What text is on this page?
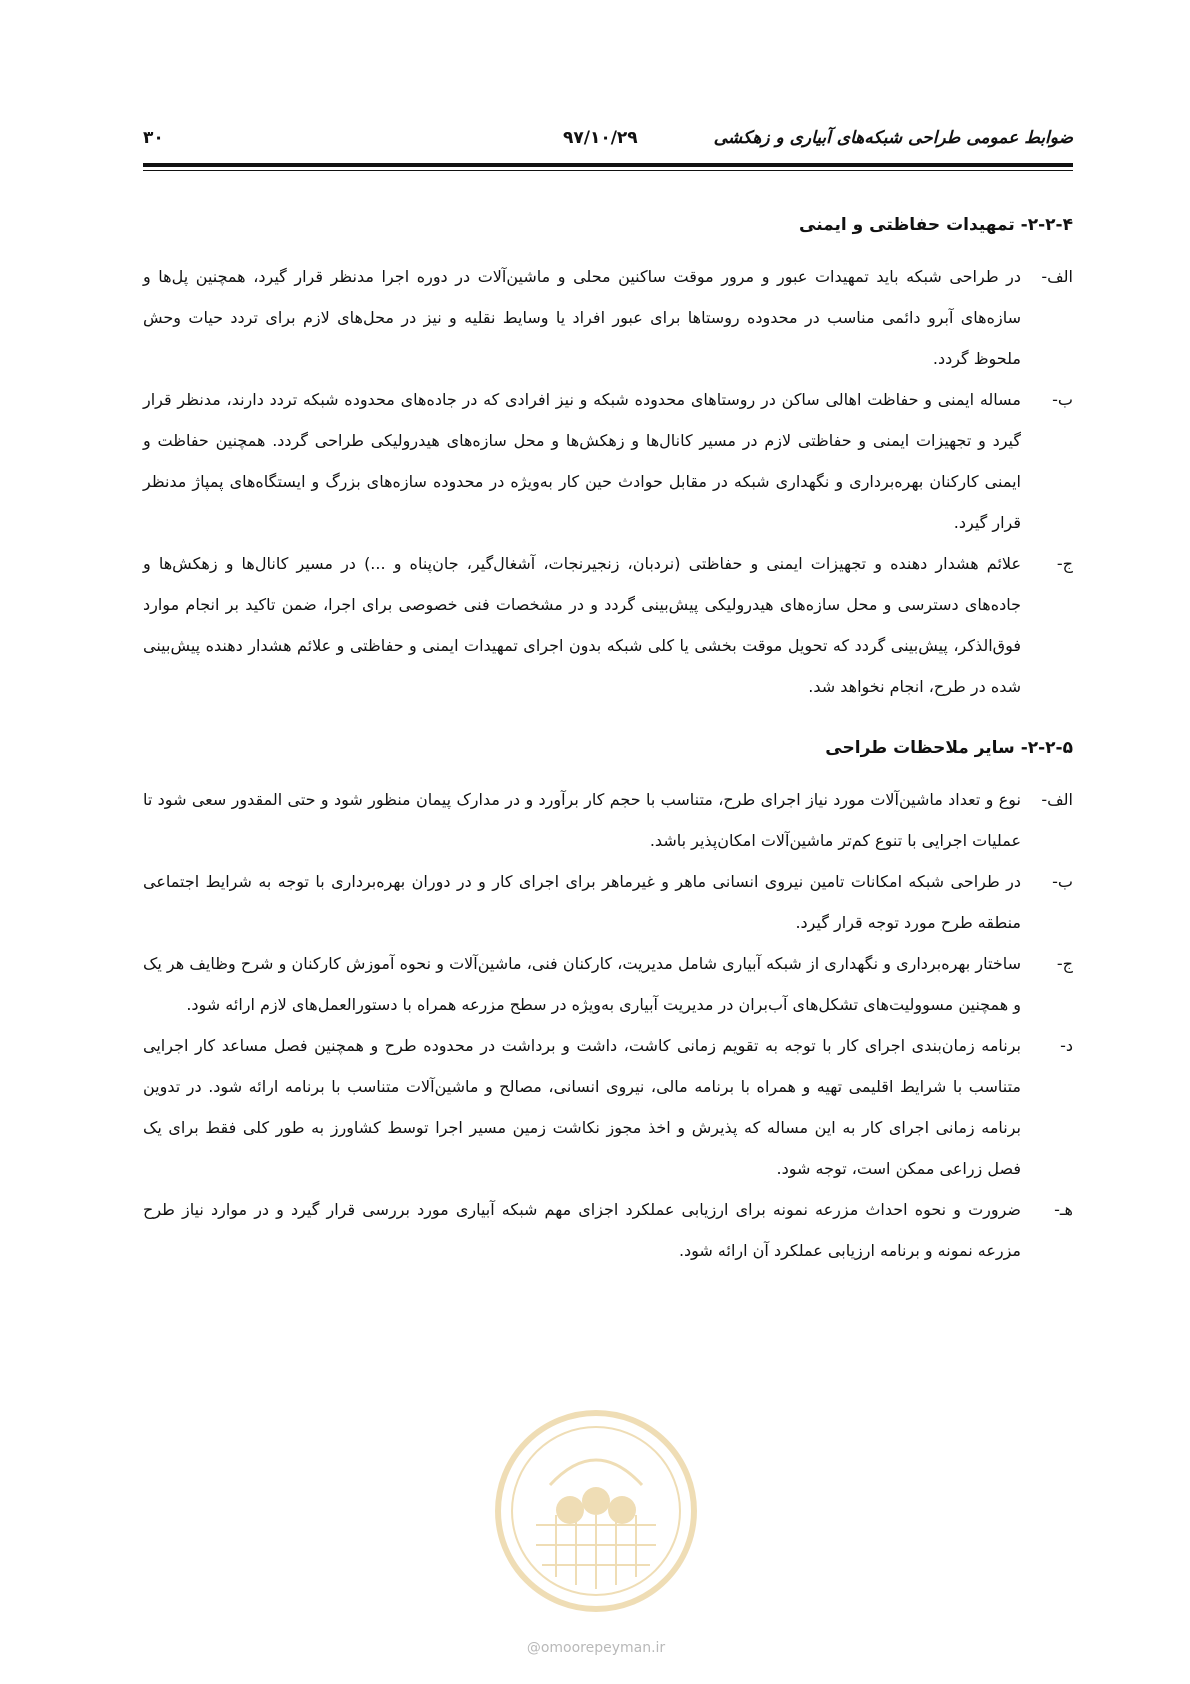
ضوابط عمومی طراحی شبکه‌های آبیاری و زهکشی
۹۷/۱۰/۲۹
۳۰
۲-۲-۴- تمهیدات حفاظتی و ایمنی

الف-
در طراحی شبکه باید تمهیدات عبور و مرور موقت ساکنین محلی و ماشین‌آلات در دوره اجرا مدنظر قرار گیرد، همچنین پل‌ها و سازه‌های آبرو دائمی مناسب در محدوده روستاها برای عبور افراد یا وسایط نقلیه و نیز در محل‌های لازم برای تردد حیات وحش ملحوظ گردد.

ب-
مساله ایمنی و حفاظت اهالی ساکن در روستاهای محدوده شبکه و نیز افرادی که در جاده‌های محدوده شبکه تردد دارند، مدنظر قرار گیرد و تجهیزات ایمنی و حفاظتی لازم در مسیر کانال‌ها و زهکش‌ها و محل سازه‌های هیدرولیکی طراحی گردد. همچنین حفاظت و ایمنی کارکنان بهره‌برداری و نگهداری شبکه در مقابل حوادث حین کار به‌ویژه در محدوده سازه‌های بزرگ و ایستگاه‌های پمپاژ مدنظر قرار گیرد.

ج-
علائم هشدار دهنده و تجهیزات ایمنی و حفاظتی (نردبان، زنجیرنجات، آشغال‌گیر، جان‌پناه و ...) در مسیر کانال‌ها و زهکش‌ها و جاده‌های دسترسی و محل سازه‌های هیدرولیکی پیش‌بینی گردد و در مشخصات فنی خصوصی برای اجرا، ضمن تاکید بر انجام موارد فوق‌الذکر، پیش‌بینی گردد که تحویل موقت بخشی یا کلی شبکه بدون اجرای تمهیدات ایمنی و حفاظتی و علائم هشدار دهنده پیش‌بینی شده در طرح، انجام نخواهد شد.

۲-۲-۵- سایر ملاحظات طراحی

الف-
نوع و تعداد ماشین‌آلات مورد نیاز اجرای طرح، متناسب با حجم کار برآورد و در مدارک پیمان منظور شود و حتی المقدور سعی شود تا عملیات اجرایی با تنوع کم‌تر ماشین‌آلات امکان‌پذیر باشد.

ب-
در طراحی شبکه امکانات تامین نیروی انسانی ماهر و غیرماهر برای اجرای کار و در دوران بهره‌برداری با توجه به شرایط اجتماعی منطقه طرح مورد توجه قرار گیرد.

ج-
ساختار بهره‌برداری و نگهداری از شبکه آبیاری شامل مدیریت، کارکنان فنی، ماشین‌آلات و نحوه آموزش کارکنان و شرح وظایف هر یک و همچنین مسوولیت‌های تشکل‌های آب‌بران در مدیریت آبیاری به‌ویژه در سطح مزرعه همراه با دستورالعمل‌های لازم ارائه شود.

د-
برنامه زمان‌بندی اجرای کار با توجه به تقویم زمانی کاشت، داشت و برداشت در محدوده طرح و همچنین فصل مساعد کار اجرایی متناسب با شرایط اقلیمی تهیه و همراه با برنامه مالی، نیروی انسانی، مصالح و ماشین‌آلات متناسب با برنامه ارائه شود. در تدوین برنامه زمانی اجرای کار به این مساله که پذیرش و اخذ مجوز نکاشت زمین مسیر اجرا توسط کشاورز به طور کلی فقط برای یک فصل زراعی ممکن است، توجه شود.

هـ-
ضرورت و نحوه احداث مزرعه نمونه برای ارزیابی عملکرد اجزای مهم شبکه آبیاری مورد بررسی قرار گیرد و در موارد نیاز طرح مزرعه نمونه و برنامه ارزیابی عملکرد آن ارائه شود.

@omoorepeyman.ir
